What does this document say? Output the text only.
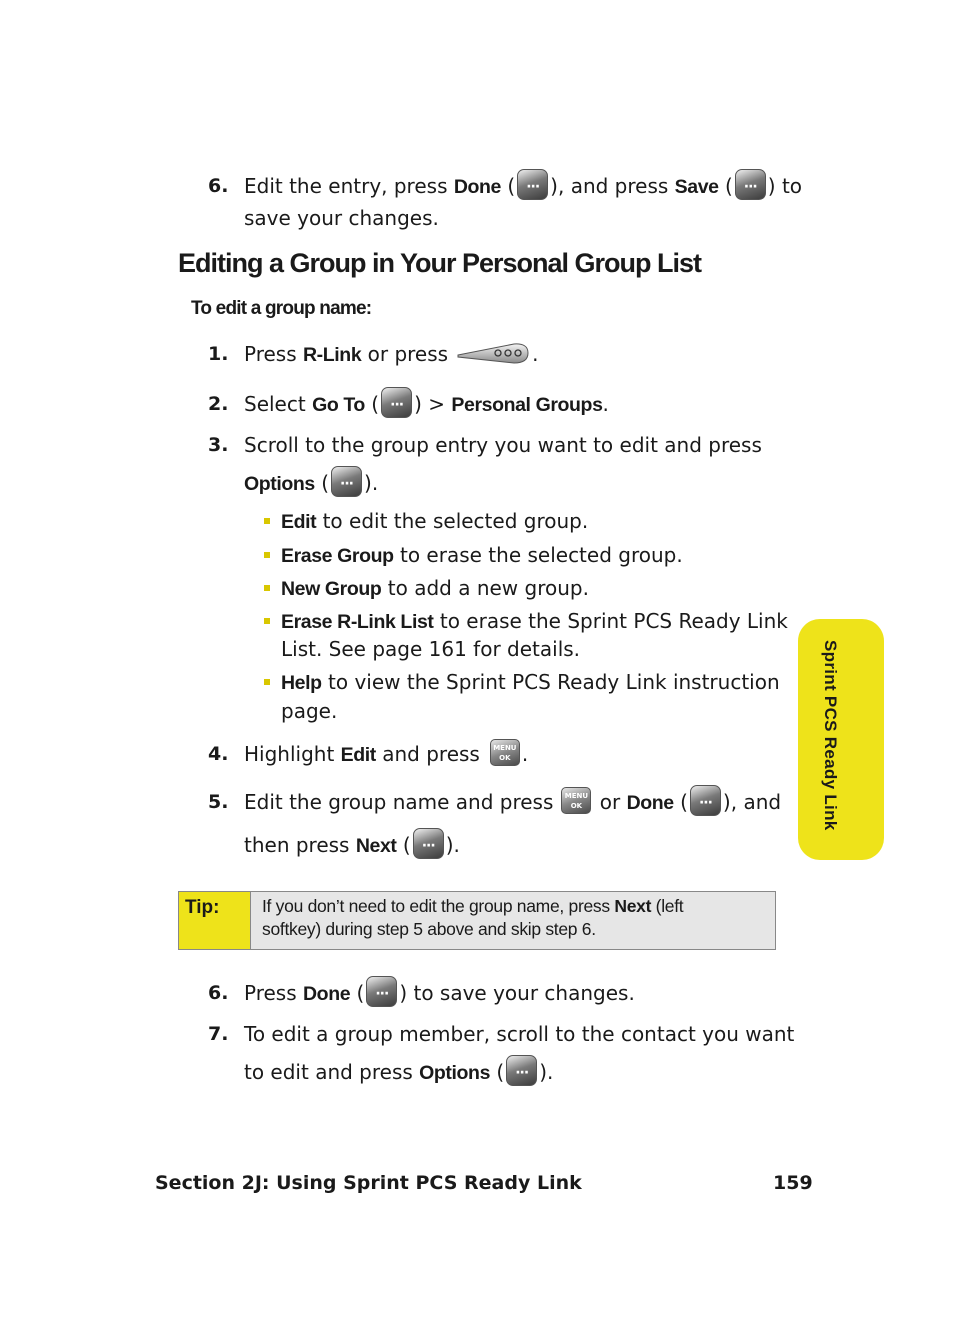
6. Edit the entry, press Done ( ··· ), and press Save ( ··· ) to
save your changes.
Editing a Group in Your Personal Group List
To edit a group name:
1. Press R-Link or press	.
2. Select Go To ( ··· ) > Personal Groups.
3. Scroll to the group entry you want to edit and press
Options ( ··· ).
Edit to edit the selected group.
Erase Group to erase the selected group.
New Group to add a new group.
Erase R-Link List to erase the Sprint PCS Ready Link
List. See page 161 for details.
Help to view the Sprint PCS Ready Link instruction
page.
4. Highlight Edit and press MENU
OK .
5. Edit the group name and press MENU
OK or Done ( ··· ), and
then press Next ( ··· ).
Tip:	If you don’t need to edit the group name, press Next (left
softkey) during step 5 above and skip step 6.
6. Press Done ( ··· ) to save your changes.
7. To edit a group member, scroll to the contact you want
to edit and press Options ( ··· ).
Sprint PCS Ready Link
Section 2J: Using Sprint PCS Ready Link	159
